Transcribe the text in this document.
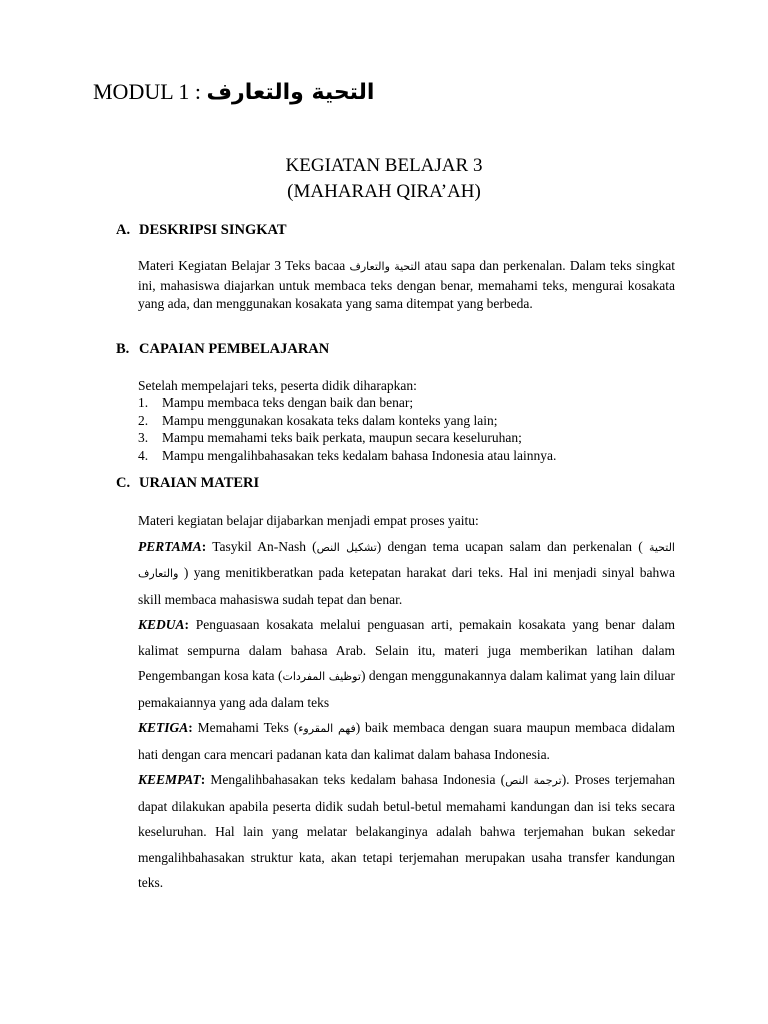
MODUL 1 : التحية والتعارف
KEGIATAN BELAJAR 3
(MAHARAH QIRA’AH)
A. DESKRIPSI SINGKAT
Materi Kegiatan Belajar 3 Teks bacaa التحية والتعارف atau sapa dan perkenalan. Dalam teks singkat ini, mahasiswa diajarkan untuk membaca teks dengan benar, memahami teks, mengurai kosakata yang ada, dan menggunakan kosakata yang sama ditempat yang berbeda.
B. CAPAIAN PEMBELAJARAN
Setelah mempelajari teks, peserta didik diharapkan:
1. Mampu membaca teks dengan baik dan benar;
2. Mampu menggunakan kosakata teks dalam konteks yang lain;
3. Mampu memahami teks baik perkata, maupun secara keseluruhan;
4. Mampu mengalihbahasakan teks kedalam bahasa Indonesia atau lainnya.
C. URAIAN MATERI

Materi kegiatan belajar dijabarkan menjadi empat proses yaitu:

PERTAMA: Tasykil An-Nash (تشكيل النص) dengan tema ucapan salam dan perkenalan ( التحية والتعارف ) yang menitikberatkan pada ketepatan harakat dari teks. Hal ini menjadi sinyal bahwa skill membaca mahasiswa sudah tepat dan benar.

KEDUA: Penguasaan kosakata melalui penguasan arti, pemakain kosakata yang benar dalam kalimat sempurna dalam bahasa Arab. Selain itu, materi juga memberikan latihan dalam Pengembangan kosa kata (توظيف المفردات) dengan menggunakannya dalam kalimat yang lain diluar pemakaiannya yang ada dalam teks

KETIGA: Memahami Teks (فهم المقروء) baik membaca dengan suara maupun membaca didalam hati dengan cara mencari padanan kata dan kalimat dalam bahasa Indonesia.

KEEMPAT: Mengalihbahasakan teks kedalam bahasa Indonesia (ترجمة النص). Proses terjemahan dapat dilakukan apabila peserta didik sudah betul-betul memahami kandungan dan isi teks secara keseluruhan. Hal lain yang melatar belakanginya adalah bahwa terjemahan bukan sekedar mengalihbahasakan struktur kata, akan tetapi terjemahan merupakan usaha transfer kandungan teks.
